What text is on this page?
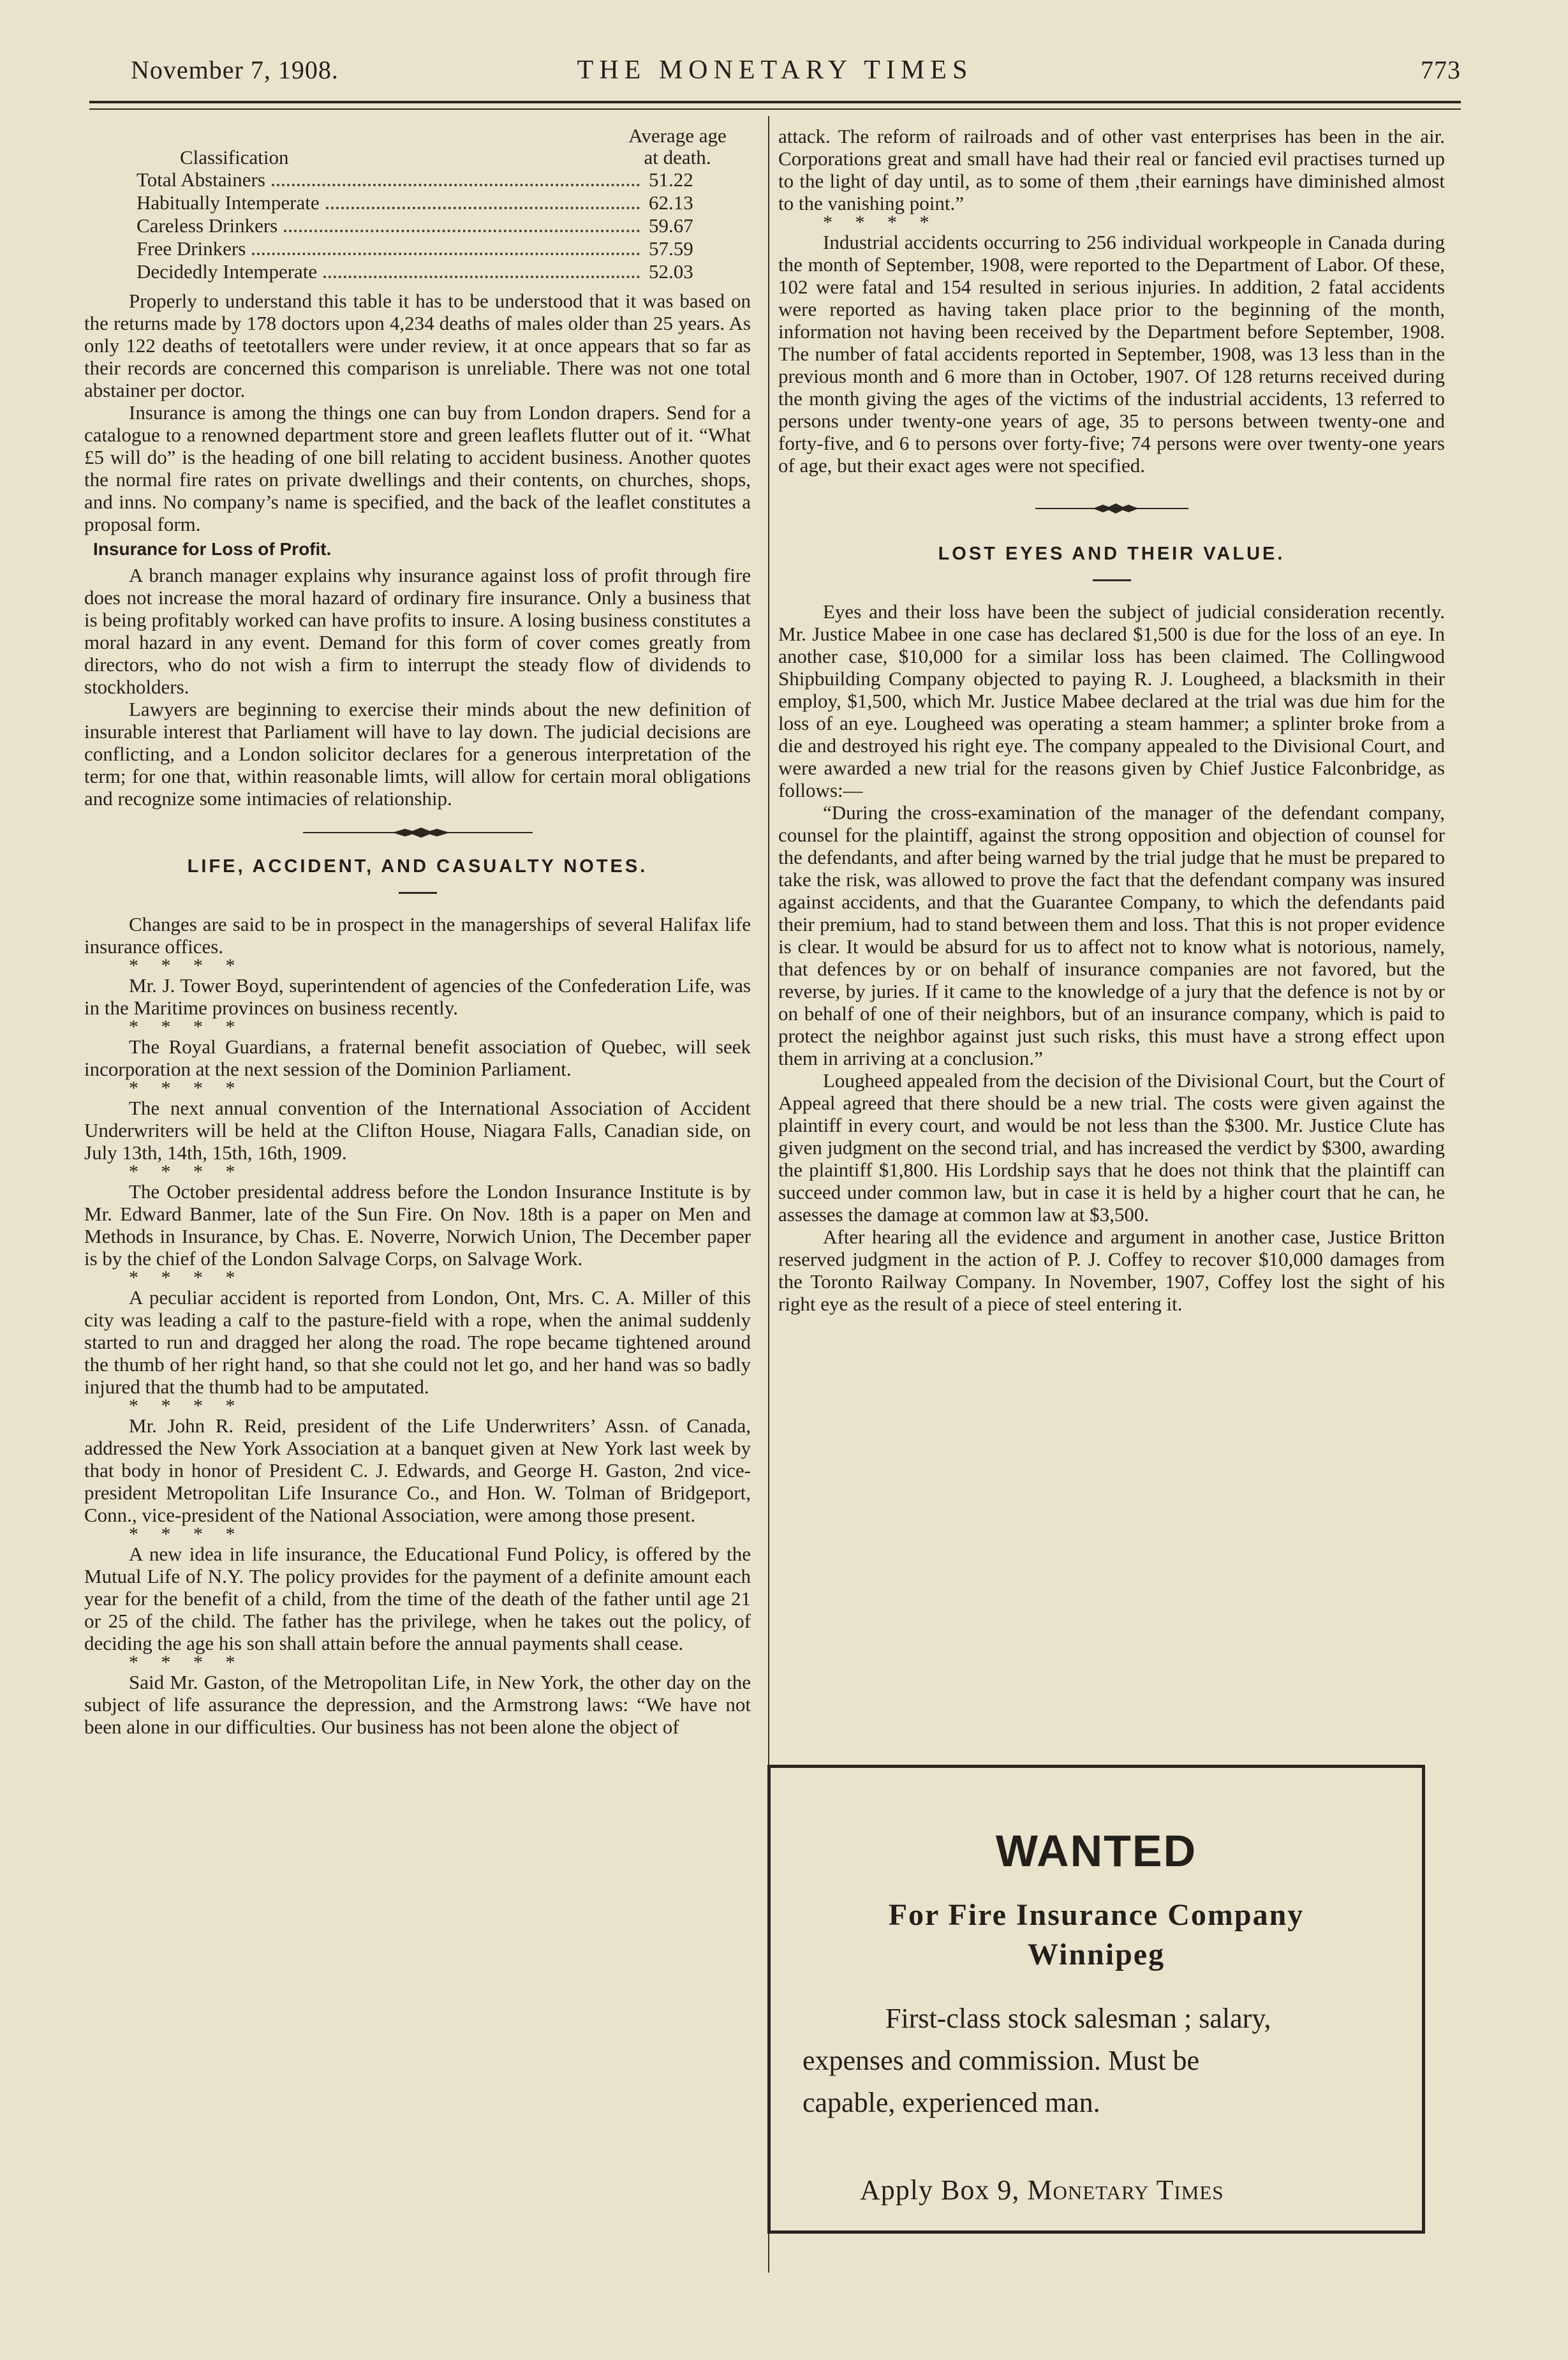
November 7, 1908.	THE MONETARY TIMES	773
Classification
Average age
at death.
Total Abstainers	51.22
Habitually Intemperate	62.13
Careless Drinkers	59.67
Free Drinkers	57.59
Decidedly Intemperate	52.03

Properly to understand this table it has to be understood that it was based on the returns made by 178 doctors upon 4,234 deaths of males older than 25 years. As only 122 deaths of teetotallers were under review, it at once appears that so far as their records are concerned this comparison is unreliable. There was not one total abstainer per doctor.

Insurance is among the things one can buy from London drapers. Send for a catalogue to a renowned department store and green leaflets flutter out of it. “What £5 will do” is the heading of one bill relating to accident business. Another quotes the normal fire rates on private dwellings and their contents, on churches, shops, and inns. No company’s name is specified, and the back of the leaflet constitutes a proposal form.

Insurance for Loss of Profit.

A branch manager explains why insurance against loss of profit through fire does not increase the moral hazard of ordinary fire insurance. Only a business that is being profitably worked can have profits to insure. A losing business constitutes a moral hazard in any event. Demand for this form of cover comes greatly from directors, who do not wish a firm to interrupt the steady flow of dividends to stockholders.

Lawyers are beginning to exercise their minds about the new definition of insurable interest that Parliament will have to lay down. The judicial decisions are conflicting, and a London solicitor declares for a generous interpretation of the term; for one that, within reasonable limts, will allow for certain moral obligations and recognize some intimacies of relationship.

LIFE, ACCIDENT, AND CASUALTY NOTES.

Changes are said to be in prospect in the managerships of several Halifax life insurance offices.

* * * *

Mr. J. Tower Boyd, superintendent of agencies of the Confederation Life, was in the Maritime provinces on business recently.

* * * *

The Royal Guardians, a fraternal benefit association of Quebec, will seek incorporation at the next session of the Dominion Parliament.

* * * *

The next annual convention of the International Association of Accident Underwriters will be held at the Clifton House, Niagara Falls, Canadian side, on July 13th, 14th, 15th, 16th, 1909.

* * * *

The October presidental address before the London Insurance Institute is by Mr. Edward Banmer, late of the Sun Fire. On Nov. 18th is a paper on Men and Methods in Insurance, by Chas. E. Noverre, Norwich Union, The December paper is by the chief of the London Salvage Corps, on Salvage Work.

* * * *

A peculiar accident is reported from London, Ont, Mrs. C. A. Miller of this city was leading a calf to the pasture-field with a rope, when the animal suddenly started to run and dragged her along the road. The rope became tightened around the thumb of her right hand, so that she could not let go, and her hand was so badly injured that the thumb had to be amputated.

* * * *

Mr. John R. Reid, president of the Life Underwriters’ Assn. of Canada, addressed the New York Association at a banquet given at New York last week by that body in honor of President C. J. Edwards, and George H. Gaston, 2nd vice-president Metropolitan Life Insurance Co., and Hon. W. Tolman of Bridgeport, Conn., vice-president of the National Association, were among those present.

* * * *

A new idea in life insurance, the Educational Fund Policy, is offered by the Mutual Life of N.Y. The policy provides for the payment of a definite amount each year for the benefit of a child, from the time of the death of the father until age 21 or 25 of the child. The father has the privilege, when he takes out the policy, of deciding the age his son shall attain before the annual payments shall cease.

* * * *

Said Mr. Gaston, of the Metropolitan Life, in New York, the other day on the subject of life assurance the depression, and the Armstrong laws: “We have not been alone in our difficulties. Our business has not been alone the object of

attack. The reform of railroads and of other vast enterprises has been in the air. Corporations great and small have had their real or fancied evil practises turned up to the light of day until, as to some of them ,their earnings have diminished almost to the vanishing point.”

* * * *

Industrial accidents occurring to 256 individual workpeople in Canada during the month of September, 1908, were reported to the Department of Labor. Of these, 102 were fatal and 154 resulted in serious injuries. In addition, 2 fatal accidents were reported as having taken place prior to the beginning of the month, information not having been received by the Department before September, 1908. The number of fatal accidents reported in September, 1908, was 13 less than in the previous month and 6 more than in October, 1907. Of 128 returns received during the month giving the ages of the victims of the industrial accidents, 13 referred to persons under twenty-one years of age, 35 to persons between twenty-one and forty-five, and 6 to persons over forty-five; 74 persons were over twenty-one years of age, but their exact ages were not specified.

LOST EYES AND THEIR VALUE.

Eyes and their loss have been the subject of judicial consideration recently. Mr. Justice Mabee in one case has declared $1,500 is due for the loss of an eye. In another case, $10,000 for a similar loss has been claimed. The Collingwood Shipbuilding Company objected to paying R. J. Lougheed, a blacksmith in their employ, $1,500, which Mr. Justice Mabee declared at the trial was due him for the loss of an eye. Lougheed was operating a steam hammer; a splinter broke from a die and destroyed his right eye. The company appealed to the Divisional Court, and were awarded a new trial for the reasons given by Chief Justice Falconbridge, as follows:—

“During the cross-examination of the manager of the defendant company, counsel for the plaintiff, against the strong opposition and objection of counsel for the defendants, and after being warned by the trial judge that he must be prepared to take the risk, was allowed to prove the fact that the defendant company was insured against accidents, and that the Guarantee Company, to which the defendants paid their premium, had to stand between them and loss. That this is not proper evidence is clear. It would be absurd for us to affect not to know what is notorious, namely, that defences by or on behalf of insurance companies are not favored, but the reverse, by juries. If it came to the knowledge of a jury that the defence is not by or on behalf of one of their neighbors, but of an insurance company, which is paid to protect the neighbor against just such risks, this must have a strong effect upon them in arriving at a conclusion.”

Lougheed appealed from the decision of the Divisional Court, but the Court of Appeal agreed that there should be a new trial. The costs were given against the plaintiff in every court, and would be not less than the $300. Mr. Justice Clute has given judgment on the second trial, and has increased the verdict by $300, awarding the plaintiff $1,800. His Lordship says that he does not think that the plaintiff can succeed under common law, but in case it is held by a higher court that he can, he assesses the damage at common law at $3,500.

After hearing all the evidence and argument in another case, Justice Britton reserved judgment in the action of P. J. Coffey to recover $10,000 damages from the Toronto Railway Company. In November, 1907, Coffey lost the sight of his right eye as the result of a piece of steel entering it.

WANTED
For Fire Insurance Company
Winnipeg
First-class stock salesman ; salary,
expenses and commission. Must be
capable, experienced man.
Apply Box 9, Monetary Times
